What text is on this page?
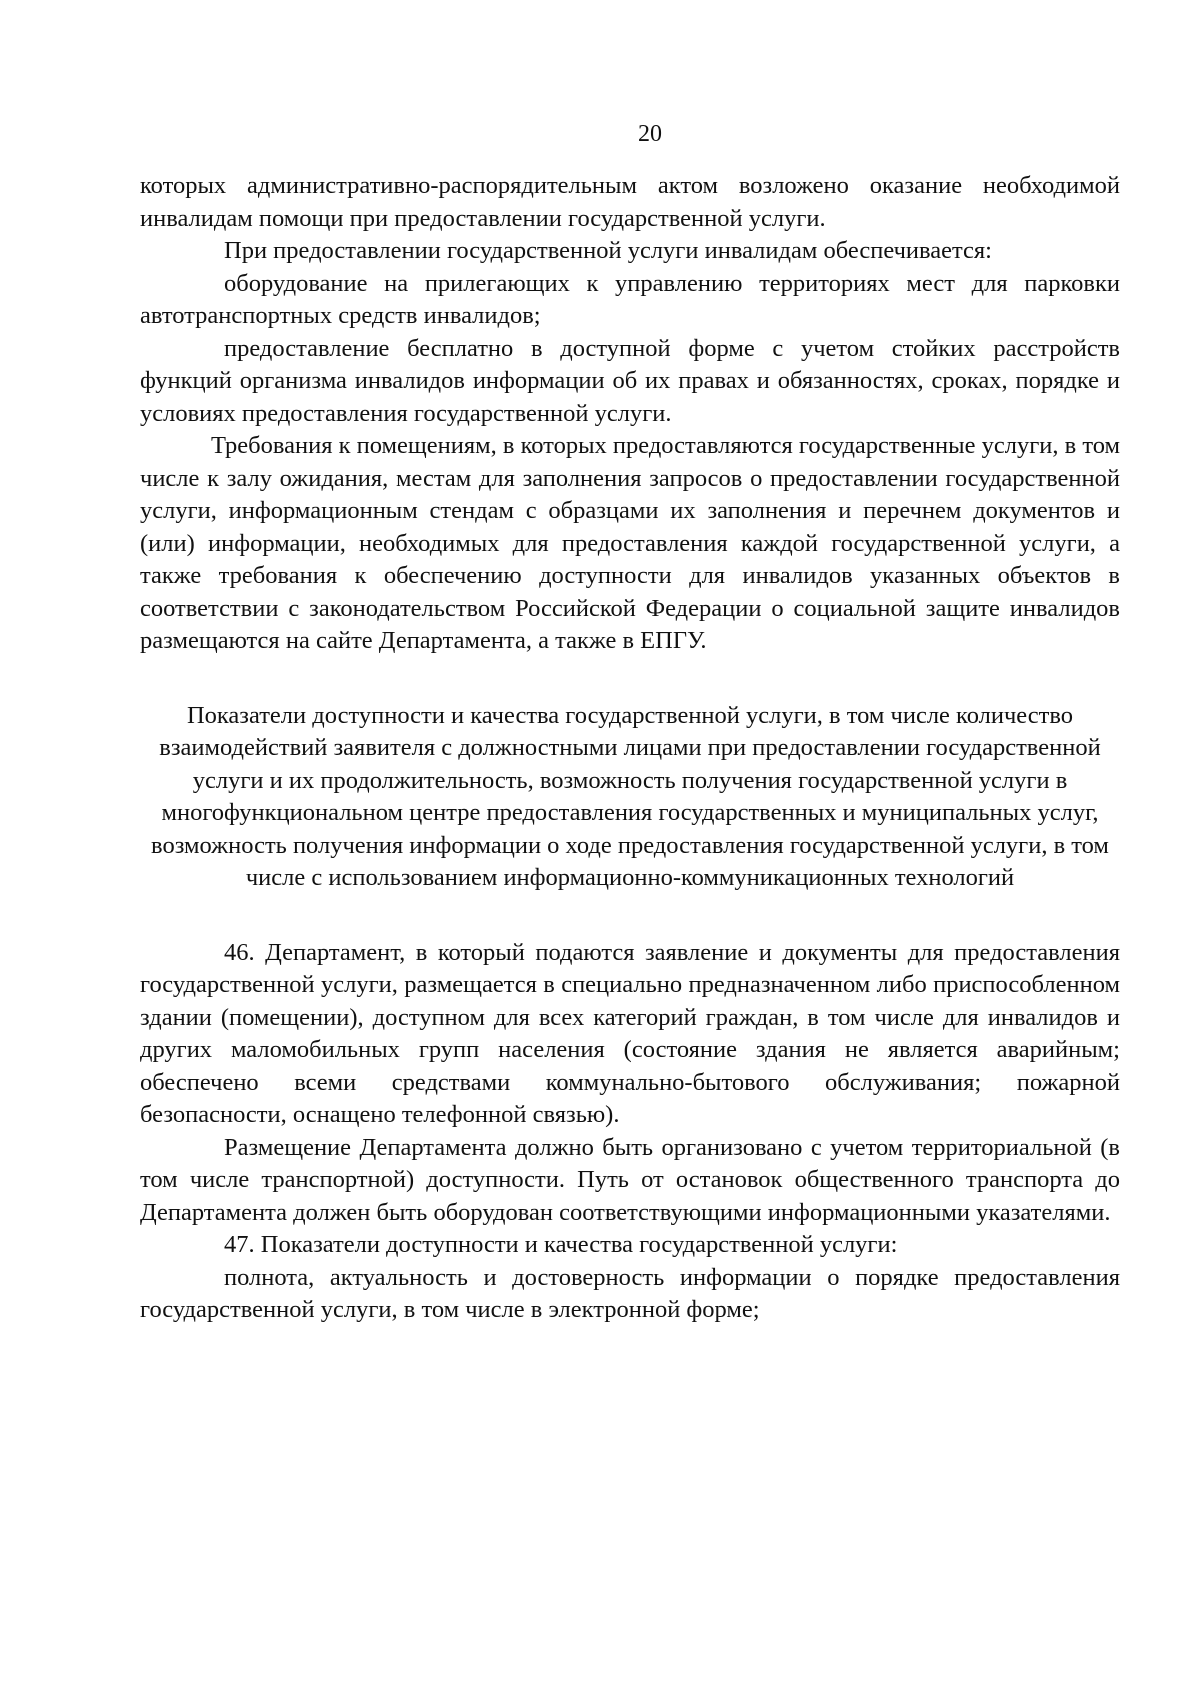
20

которых административно-распорядительным актом возложено оказание необходимой инвалидам помощи при предоставлении государственной услуги.

При предоставлении государственной услуги инвалидам обеспечивается:

оборудование на прилегающих к управлению территориях мест для парковки автотранспортных средств инвалидов;

предоставление бесплатно в доступной форме с учетом стойких расстройств функций организма инвалидов информации об их правах и обязанностях, сроках, порядке и условиях предоставления государственной услуги.

Требования к помещениям, в которых предоставляются государственные услуги, в том числе к залу ожидания, местам для заполнения запросов о предоставлении государственной услуги, информационным стендам с образцами их заполнения и перечнем документов и (или) информации, необходимых для предоставления каждой государственной услуги, а также требования к обеспечению доступности для инвалидов указанных объектов в соответствии с законодательством Российской Федерации о социальной защите инвалидов размещаются на сайте Департамента, а также в ЕПГУ.

Показатели доступности и качества государственной услуги, в том числе количество взаимодействий заявителя с должностными лицами при предоставлении государственной услуги и их продолжительность, возможность получения государственной услуги в многофункциональном центре предоставления государственных и муниципальных услуг, возможность получения информации о ходе предоставления государственной услуги, в том числе с использованием информационно-коммуникационных технологий

46. Департамент, в который подаются заявление и документы для предоставления государственной услуги, размещается в специально предназначенном либо приспособленном здании (помещении), доступном для всех категорий граждан, в том числе для инвалидов и других маломобильных групп населения (состояние здания не является аварийным; обеспечено всеми средствами коммунально-бытового обслуживания; пожарной безопасности, оснащено телефонной связью).

Размещение Департамента должно быть организовано с учетом территориальной (в том числе транспортной) доступности. Путь от остановок общественного транспорта до Департамента должен быть оборудован соответствующими информационными указателями.

47. Показатели доступности и качества государственной услуги:

полнота, актуальность и достоверность информации о порядке предоставления государственной услуги, в том числе в электронной форме;
